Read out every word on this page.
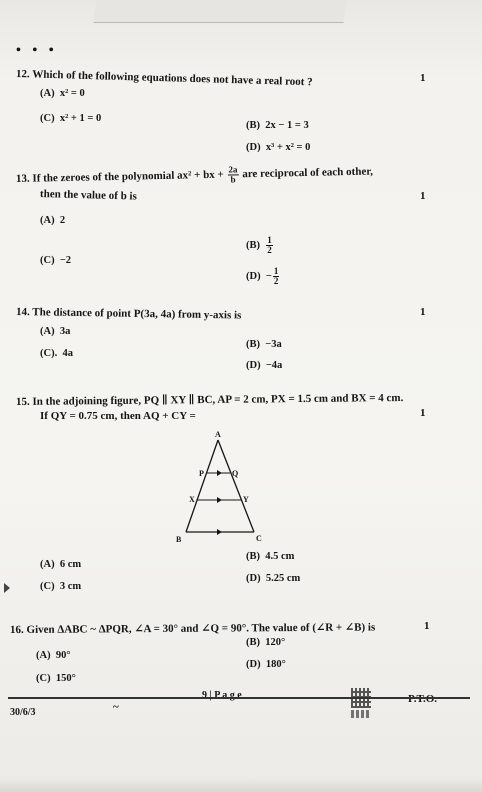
• • •
12. Which of the following equations does not have a real root ?	1
(A) x² = 0
(C) x² + 1 = 0
(B) 2x − 1 = 3
(D) x³ + x² = 0
13. If the zeroes of the polynomial ax² + bx + $\frac{2a}{b}$ are reciprocal of each other,
then the value of b is	1
(A) 2
$(B) \frac{1}{2}$
(C) −2
$(D) - \frac{1}{2}$
14. The distance of point P(3a, 4a) from y-axis is	1
(A) 3a
(B) −3a
(C). 4a
(D) −4a
15. In the adjoining figure, PQ ∥ XY ∥ BC, AP = 2 cm, PX = 1.5 cm and BX = 4 cm.
If QY = 0.75 cm, then AQ + CY =	1
A
P	Q
X	Y
B	C
(A) 6 cm
(B) 4.5 cm
(C) 3 cm
(D) 5.25 cm
16. Given ΔABC ~ ΔPQR, ∠A = 30° and ∠Q = 90°. The value of (∠R + ∠B) is	1
(B) 120°
(A) 90°
(D) 180°
(C) 150°
9 | P a g e	P.T.O.
30/6/3	~
